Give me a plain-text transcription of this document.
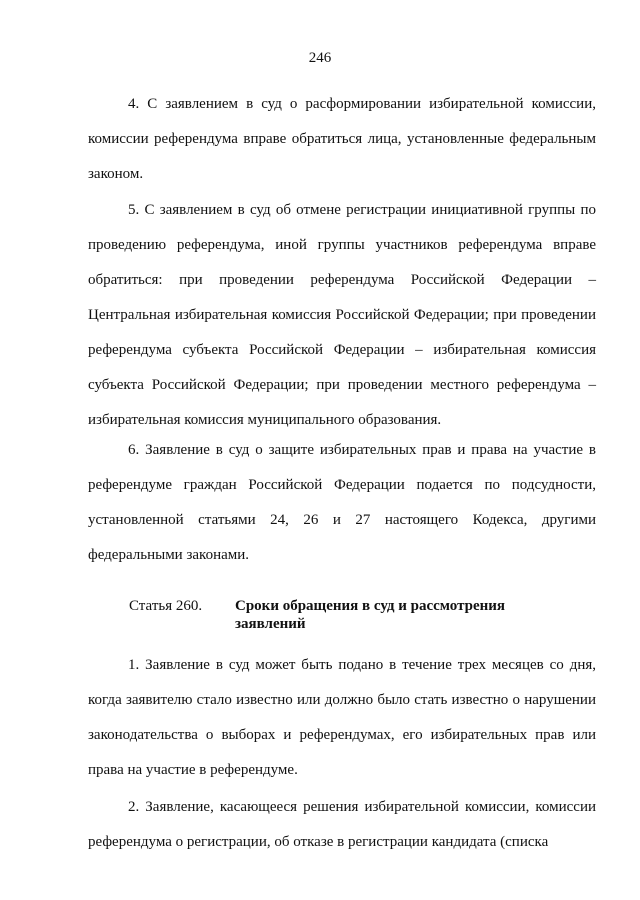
246

4. С заявлением в суд о расформировании избирательной комиссии, комиссии референдума вправе обратиться лица, установленные федеральным законом.

5. С заявлением в суд об отмене регистрации инициативной группы по проведению референдума, иной группы участников референдума вправе обратиться: при проведении референдума Российской Федерации – Центральная избирательная комиссия Российской Федерации; при проведении референдума субъекта Российской Федерации – избирательная комиссия субъекта Российской Федерации; при проведении местного референдума – избирательная комиссия муниципального образования.

6. Заявление в суд о защите избирательных прав и права на участие в референдуме граждан Российской Федерации подается по подсудности, установленной статьями 24, 26 и 27 настоящего Кодекса, другими федеральными законами.

Статья 260. Сроки обращения в суд и рассмотрения заявлений

1. Заявление в суд может быть подано в течение трех месяцев со дня, когда заявителю стало известно или должно было стать известно о нарушении законодательства о выборах и референдумах, его избирательных прав или права на участие в референдуме.

2. Заявление, касающееся решения избирательной комиссии, комиссии референдума о регистрации, об отказе в регистрации кандидата (списка
